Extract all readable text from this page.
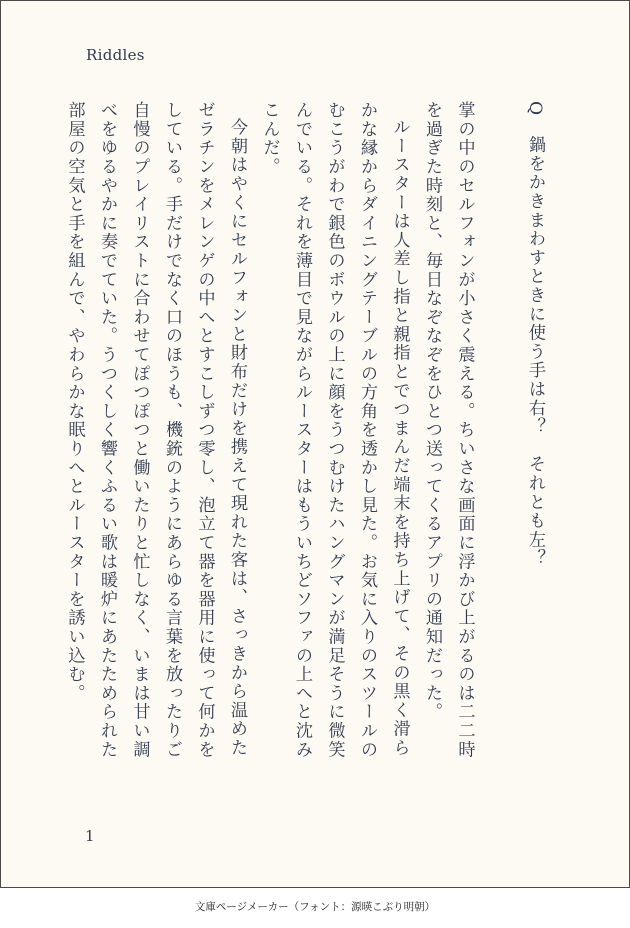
Riddles

Q　鍋をかきまわすときに使う手は右？　それとも左？

掌の中のセルフォンが小さく震える。ちいさな画面に浮かび上がるのは二二時を過ぎた時刻と、毎日なぞなぞをひとつ送ってくるアプリの通知だった。

ルースターは人差し指と親指とでつまんだ端末を持ち上げて、その黒く滑らかな縁からダイニングテーブルの方角を透かし見た。お気に入りのスツールのむこうがわで銀色のボウルの上に顔をうつむけたハングマンが満足そうに微笑んでいる。それを薄目で見ながらルースターはもういちどソファの上へと沈みこんだ。

今朝はやくにセルフォンと財布だけを携えて現れた客は、さっきから温めたゼラチンをメレンゲの中へとすこしずつ零し、泡立て器を器用に使って何かをしている。手だけでなく口のほうも、機銃のようにあらゆる言葉を放ったりご自慢のプレイリストに合わせてぽつぽつと働いたりと忙しなく、いまは甘い調べをゆるやかに奏でていた。うつくしく響くふるい歌は暖炉にあたためられた部屋の空気と手を組んで、やわらかな眠りへとルースターを誘い込む。

1
文庫ページメーカー（フォント：源暎こぶり明朝）
